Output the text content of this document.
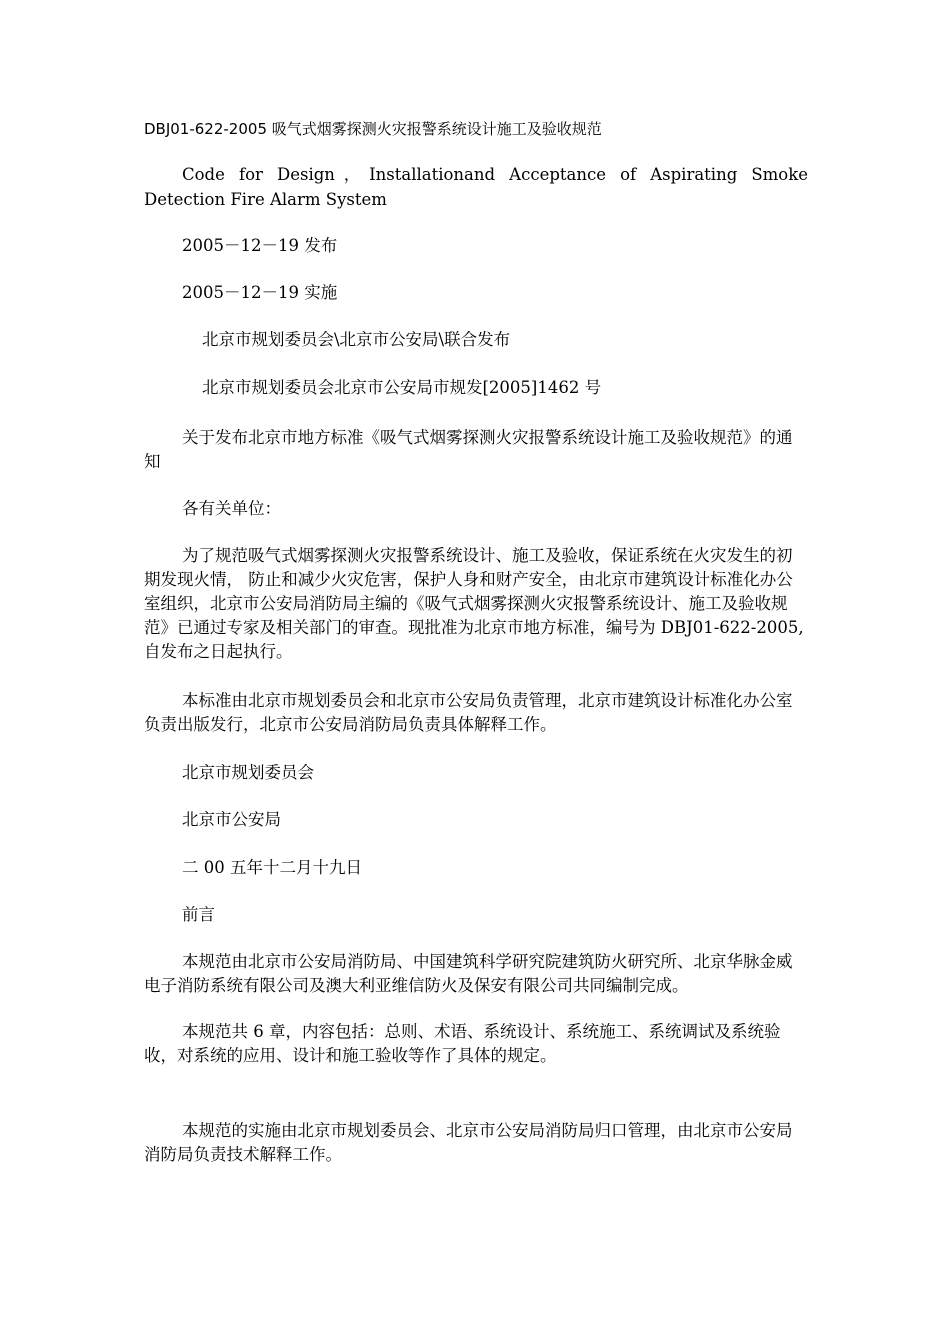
DBJ01-622-2005 吸气式烟雾探测火灾报警系统设计施工及验收规范

Code for Design，Installationand Acceptance of Aspirating Smoke Detection Fire Alarm System

2005－12－19 发布

2005－12－19 实施

北京市规划委员会\北京市公安局\联合发布

北京市规划委员会北京市公安局市规发[2005]1462 号

关于发布北京市地方标准《吸气式烟雾探测火灾报警系统设计施工及验收规范》的通知

各有关单位：

为了规范吸气式烟雾探测火灾报警系统设计、施工及验收，保证系统在火灾发生的初期发现火情， 防止和减少火灾危害，保护人身和财产安全，由北京市建筑设计标准化办公室组织，北京市公安局消防局主编的《吸气式烟雾探测火灾报警系统设计、施工及验收规 范》已通过专家及相关部门的审查。现批准为北京市地方标准，编号为 DBJ01-622-2005,自发布之日起执行。

本标准由北京市规划委员会和北京市公安局负责管理，北京市建筑设计标准化办公室负责出版发行，北京市公安局消防局负责具体解释工作。

北京市规划委员会

北京市公安局

二 00 五年十二月十九日

前言

本规范由北京市公安局消防局、中国建筑科学研究院建筑防火研究所、北京华脉金威电子消防系统有限公司及澳大利亚维信防火及保安有限公司共同编制完成。

本规范共 6 章，内容包括：总则、术语、系统设计、系统施工、系统调试及系统验收，对系统的应用、设计和施工验收等作了具体的规定。

本规范的实施由北京市规划委员会、北京市公安局消防局归口管理，由北京市公安局消防局负责技术解释工作。
